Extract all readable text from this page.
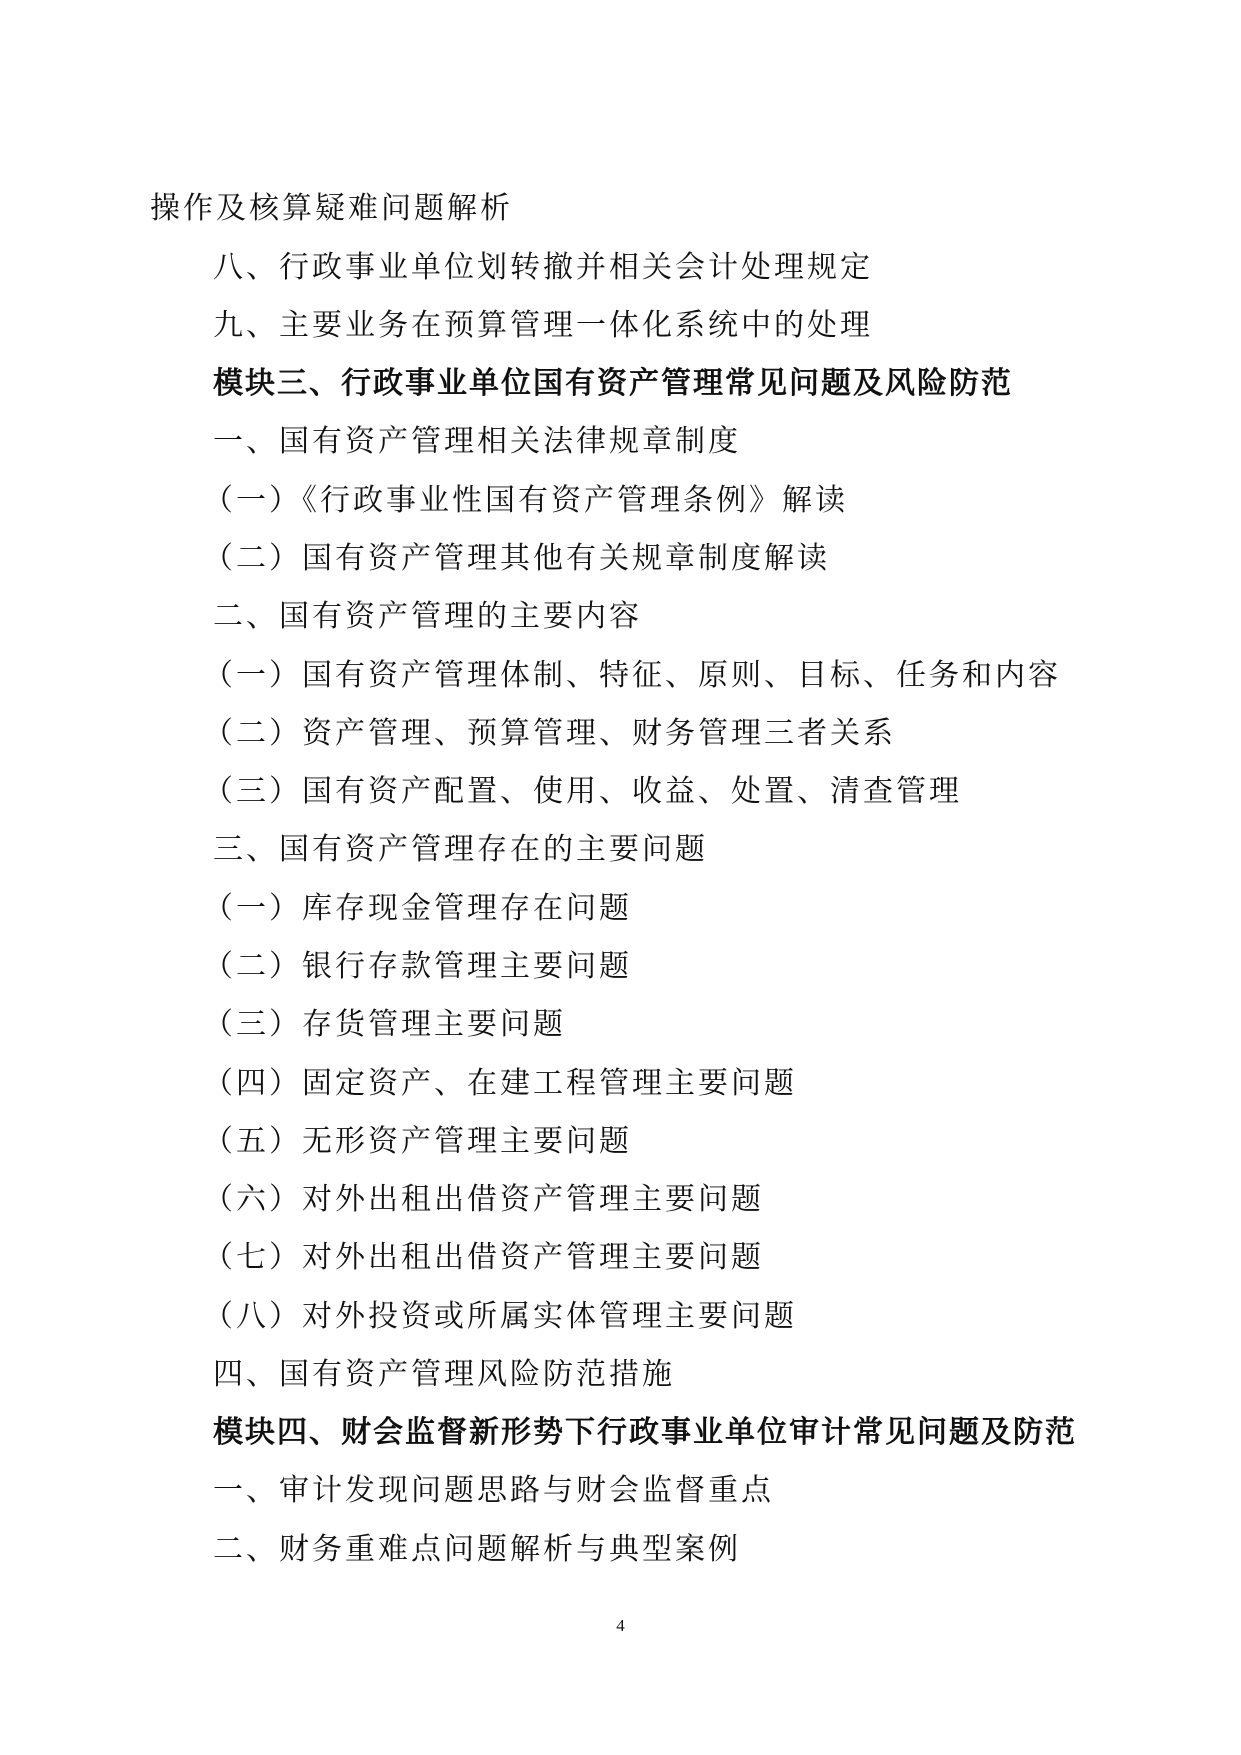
操作及核算疑难问题解析
八、行政事业单位划转撤并相关会计处理规定
九、主要业务在预算管理一体化系统中的处理
模块三、行政事业单位国有资产管理常见问题及风险防范
一、国有资产管理相关法律规章制度
（一）《行政事业性国有资产管理条例》解读
（二）国有资产管理其他有关规章制度解读
二、国有资产管理的主要内容
（一）国有资产管理体制、特征、原则、目标、任务和内容
（二）资产管理、预算管理、财务管理三者关系
（三）国有资产配置、使用、收益、处置、清查管理
三、国有资产管理存在的主要问题
（一）库存现金管理存在问题
（二）银行存款管理主要问题
（三）存货管理主要问题
（四）固定资产、在建工程管理主要问题
（五）无形资产管理主要问题
（六）对外出租出借资产管理主要问题
（七）对外出租出借资产管理主要问题
（八）对外投资或所属实体管理主要问题
四、国有资产管理风险防范措施
模块四、财会监督新形势下行政事业单位审计常见问题及防范
一、审计发现问题思路与财会监督重点
二、财务重难点问题解析与典型案例
4
